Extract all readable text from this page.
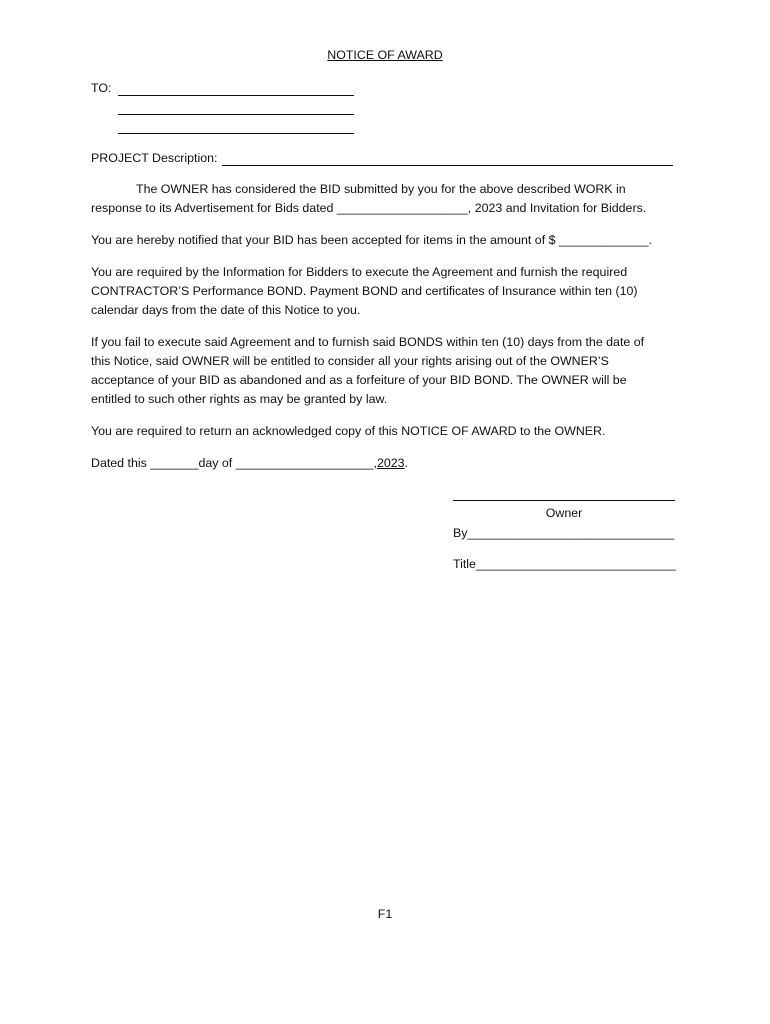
NOTICE OF AWARD
TO:
PROJECT Description:
The OWNER has considered the BID submitted by you for the above described WORK in
response to its Advertisement for Bids dated ___________________, 2023 and Invitation for Bidders.
You are hereby notified that your BID has been accepted for items in the amount of $ _____________.
You are required by the Information for Bidders to execute the Agreement and furnish the required
CONTRACTOR’S Performance BOND. Payment BOND and certificates of Insurance within ten (10)
calendar days from the date of this Notice to you.
If you fail to execute said Agreement and to furnish said BONDS within ten (10) days from the date of
this Notice, said OWNER will be entitled to consider all your rights arising out of the OWNER’S
acceptance of your BID as abandoned and as a forfeiture of your BID BOND. The OWNER will be
entitled to such other rights as may be granted by law.
You are required to return an acknowledged copy of this NOTICE OF AWARD to the OWNER.
Dated this _______day of ____________________,2023.
Owner
By______________________________
Title_____________________________
F1
